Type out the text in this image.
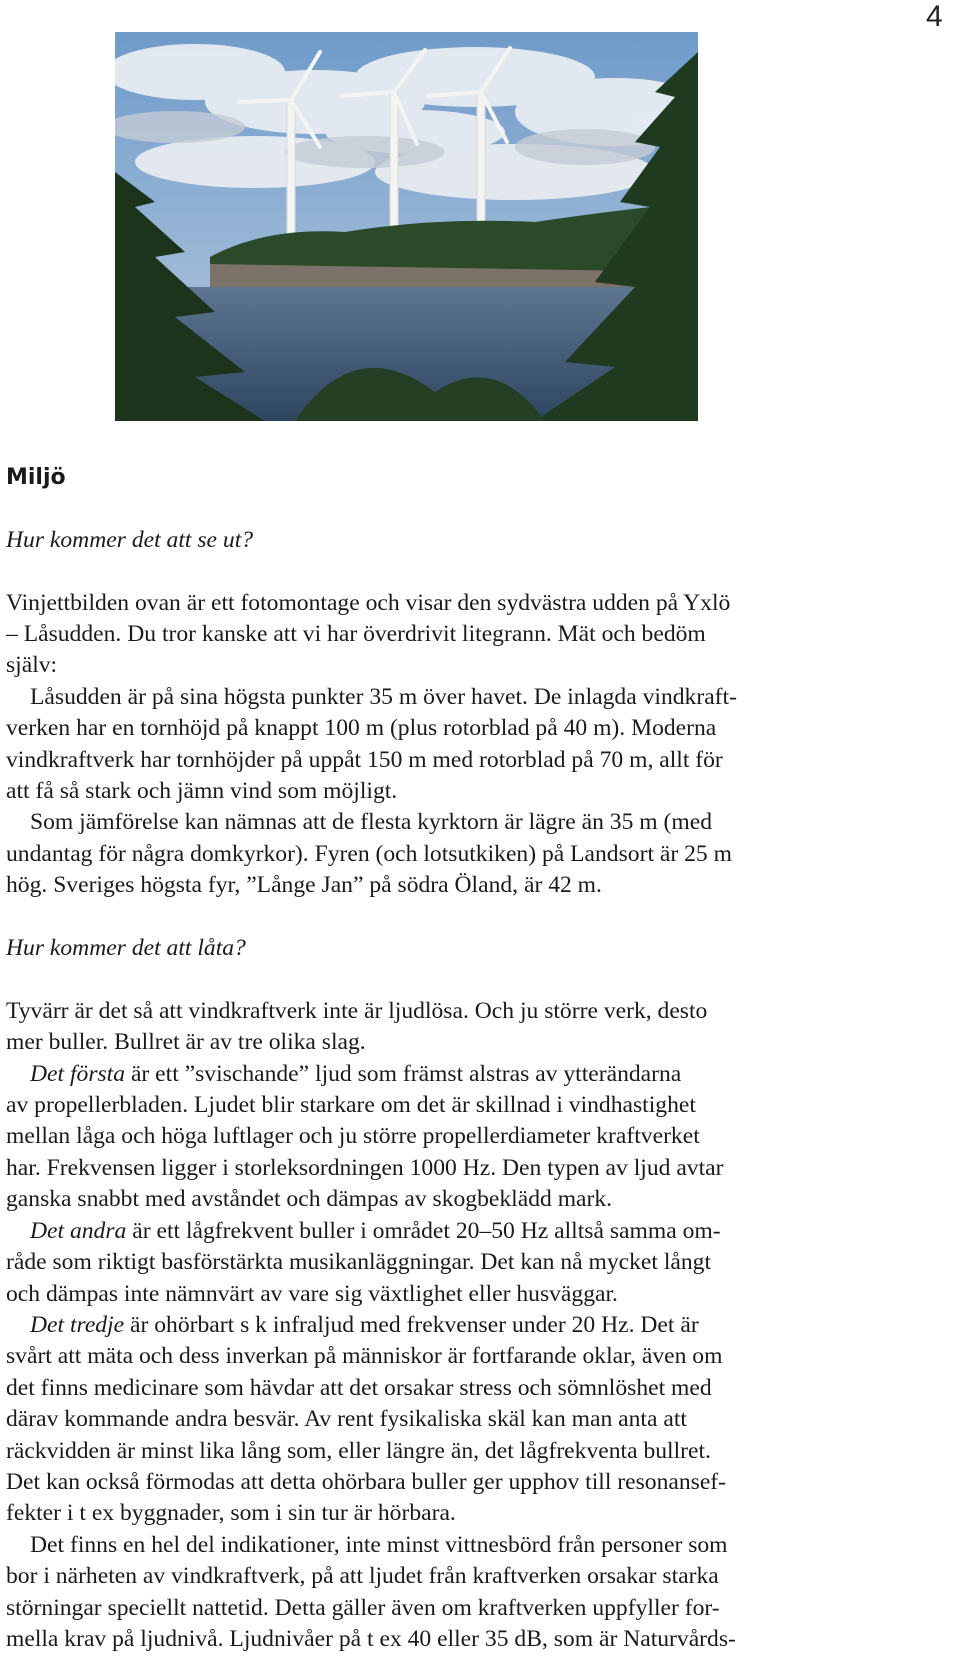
4
Miljö
Hur kommer det att se ut?

Vinjettbilden ovan är ett fotomontage och visar den sydvästra udden på Yxlö
– Låsudden. Du tror kanske att vi har överdrivit litegrann. Mät och bedöm
själv:

Låsudden är på sina högsta punkter 35 m över havet. De inlagda vindkraft-
verken har en tornhöjd på knappt 100 m (plus rotorblad på 40 m). Moderna
vindkraftverk har tornhöjder på uppåt 150 m med rotorblad på 70 m, allt för
att få så stark och jämn vind som möjligt.

Som jämförelse kan nämnas att de flesta kyrktorn är lägre än 35 m (med
undantag för några domkyrkor). Fyren (och lotsutkiken) på Landsort är 25 m
hög. Sveriges högsta fyr, ”Långe Jan” på södra Öland, är 42 m.

Hur kommer det att låta?

Tyvärr är det så att vindkraftverk inte är ljudlösa. Och ju större verk, desto
mer buller. Bullret är av tre olika slag.

Det första är ett ”svischande” ljud som främst alstras av ytterändarna
av propellerbladen. Ljudet blir starkare om det är skillnad i vindhastighet
mellan låga och höga luftlager och ju större propellerdiameter kraftverket
har. Frekvensen ligger i storleksordningen 1000 Hz. Den typen av ljud avtar
ganska snabbt med avståndet och dämpas av skogbeklädd mark.

Det andra är ett lågfrekvent buller i området 20–50 Hz alltså samma om-
råde som riktigt basförstärkta musikanläggningar. Det kan nå mycket långt
och dämpas inte nämnvärt av vare sig växtlighet eller husväggar.

Det tredje är ohörbart s k infraljud med frekvenser under 20 Hz. Det är
svårt att mäta och dess inverkan på människor är fortfarande oklar, även om
det finns medicinare som hävdar att det orsakar stress och sömnlöshet med
därav kommande andra besvär. Av rent fysikaliska skäl kan man anta att
räckvidden är minst lika lång som, eller längre än, det lågfrekventa bullret.
Det kan också förmodas att detta ohörbara buller ger upphov till resonansef-
fekter i t ex byggnader, som i sin tur är hörbara.

Det finns en hel del indikationer, inte minst vittnesbörd från personer som
bor i närheten av vindkraftverk, på att ljudet från kraftverken orsakar starka
störningar speciellt nattetid. Detta gäller även om kraftverken uppfyller for-
mella krav på ljudnivå. Ljudnivåer på t ex 40 eller 35 dB, som är Naturvårds-
